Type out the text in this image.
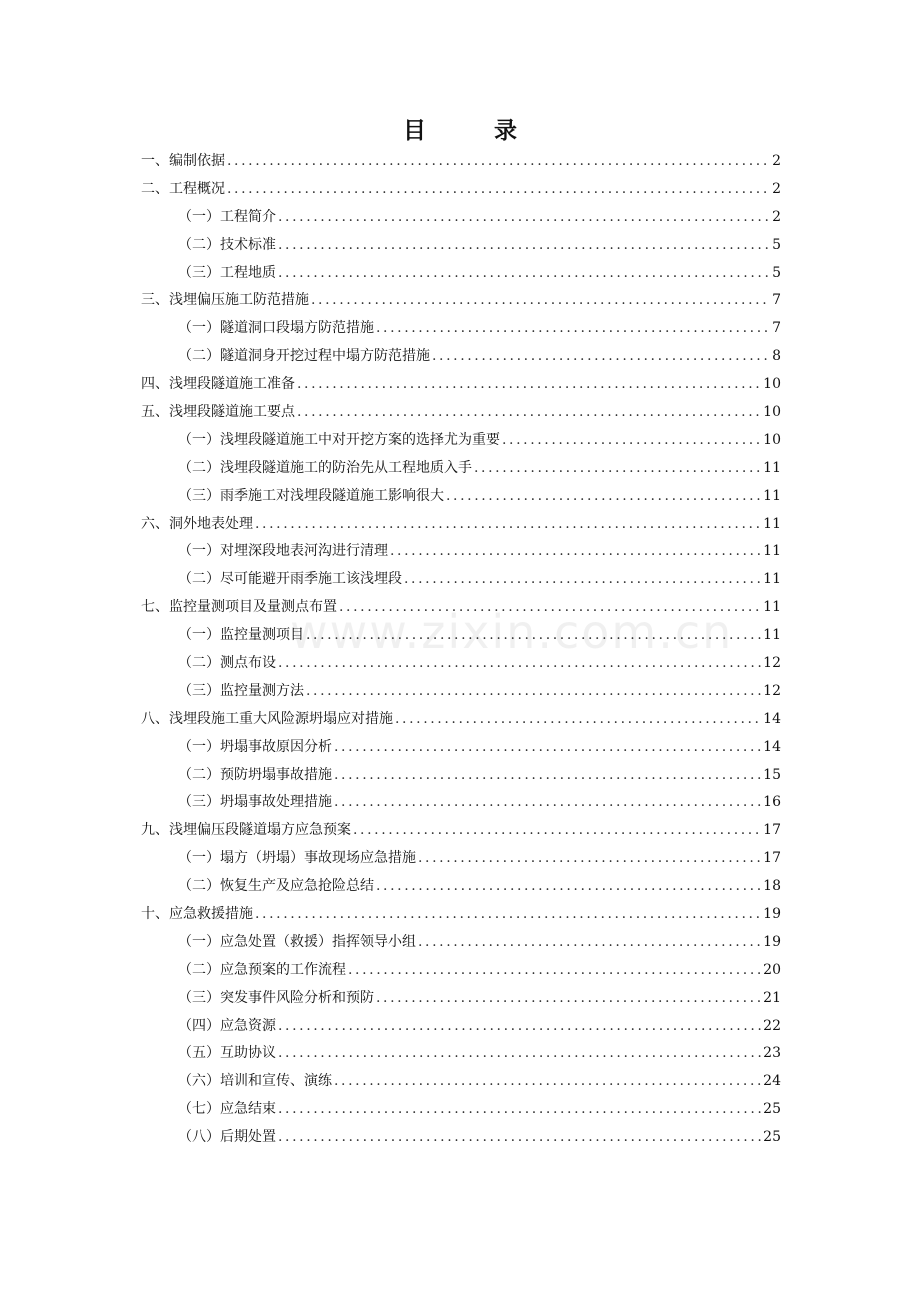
www.zixin.com.cn
目 录
一、编制依据 .....	2
二、工程概况 .....	2
（一）工程简介 .....	2
（二）技术标准 .....	5
（三）工程地质 .....	5
三、浅埋偏压施工防范措施 .....	7
（一）隧道洞口段塌方防范措施 .....	7
（二）隧道洞身开挖过程中塌方防范措施 .....	8
四、浅埋段隧道施工准备 .....	10
五、浅埋段隧道施工要点 .....	10
（一）浅埋段隧道施工中对开挖方案的选择尤为重要 .....	10
（二）浅埋段隧道施工的防治先从工程地质入手 .....	11
（三）雨季施工对浅埋段隧道施工影响很大 .....	11
六、洞外地表处理 .....	11
（一）对埋深段地表河沟进行清理 .....	11
（二）尽可能避开雨季施工该浅埋段 .....	11
七、监控量测项目及量测点布置 .....	11
（一）监控量测项目 .....	11
（二）测点布设 .....	12
（三）监控量测方法 .....	12
八、浅埋段施工重大风险源坍塌应对措施 .....	14
（一）坍塌事故原因分析 .....	14
（二）预防坍塌事故措施 .....	15
（三）坍塌事故处理措施 .....	16
九、浅埋偏压段隧道塌方应急预案 .....	17
（一）塌方（坍塌）事故现场应急措施 .....	17
（二）恢复生产及应急抢险总结 .....	18
十、应急救援措施 .....	19
（一）应急处置（救援）指挥领导小组 .....	19
（二）应急预案的工作流程 .....	20
（三）突发事件风险分析和预防 .....	21
（四）应急资源 .....	22
（五）互助协议 .....	23
（六）培训和宣传、演练 .....	24
（七）应急结束 .....	25
（八）后期处置 .....	25
